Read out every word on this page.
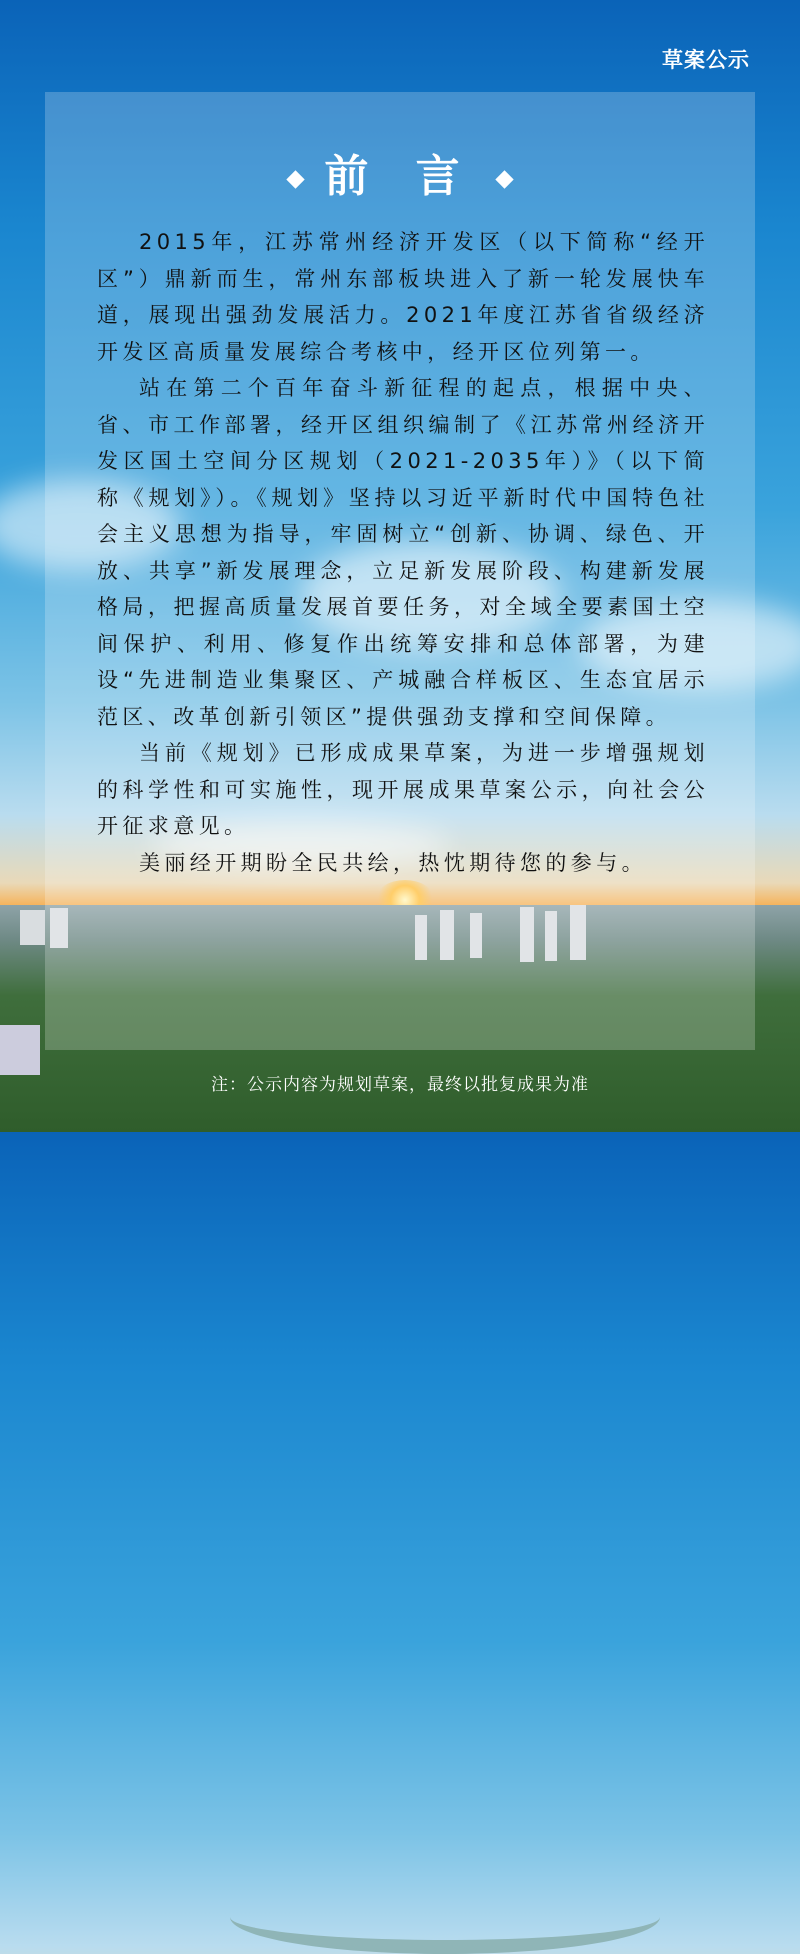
草案公示
前 言

2015年，江苏常州经济开发区（以下简称“经开区”）鼎新而生，常州东部板块进入了新一轮发展快车道，展现出强劲发展活力。2021年度江苏省省级经济开发区高质量发展综合考核中，经开区位列第一。

站在第二个百年奋斗新征程的起点，根据中央、省、市工作部署，经开区组织编制了《江苏常州经济开发区国土空间分区规划（2021-2035年）》（以下简称《规划》）。《规划》坚持以习近平新时代中国特色社会主义思想为指导，牢固树立“创新、协调、绿色、开放、共享”新发展理念，立足新发展阶段、构建新发展格局，把握高质量发展首要任务，对全域全要素国土空间保护、利用、修复作出统筹安排和总体部署，为建设“先进制造业集聚区、产城融合样板区、生态宜居示范区、改革创新引领区”提供强劲支撑和空间保障。

当前《规划》已形成成果草案，为进一步增强规划的科学性和可实施性，现开展成果草案公示，向社会公开征求意见。

美丽经开期盼全民共绘，热忱期待您的参与。

注：公示内容为规划草案，最终以批复成果为准
